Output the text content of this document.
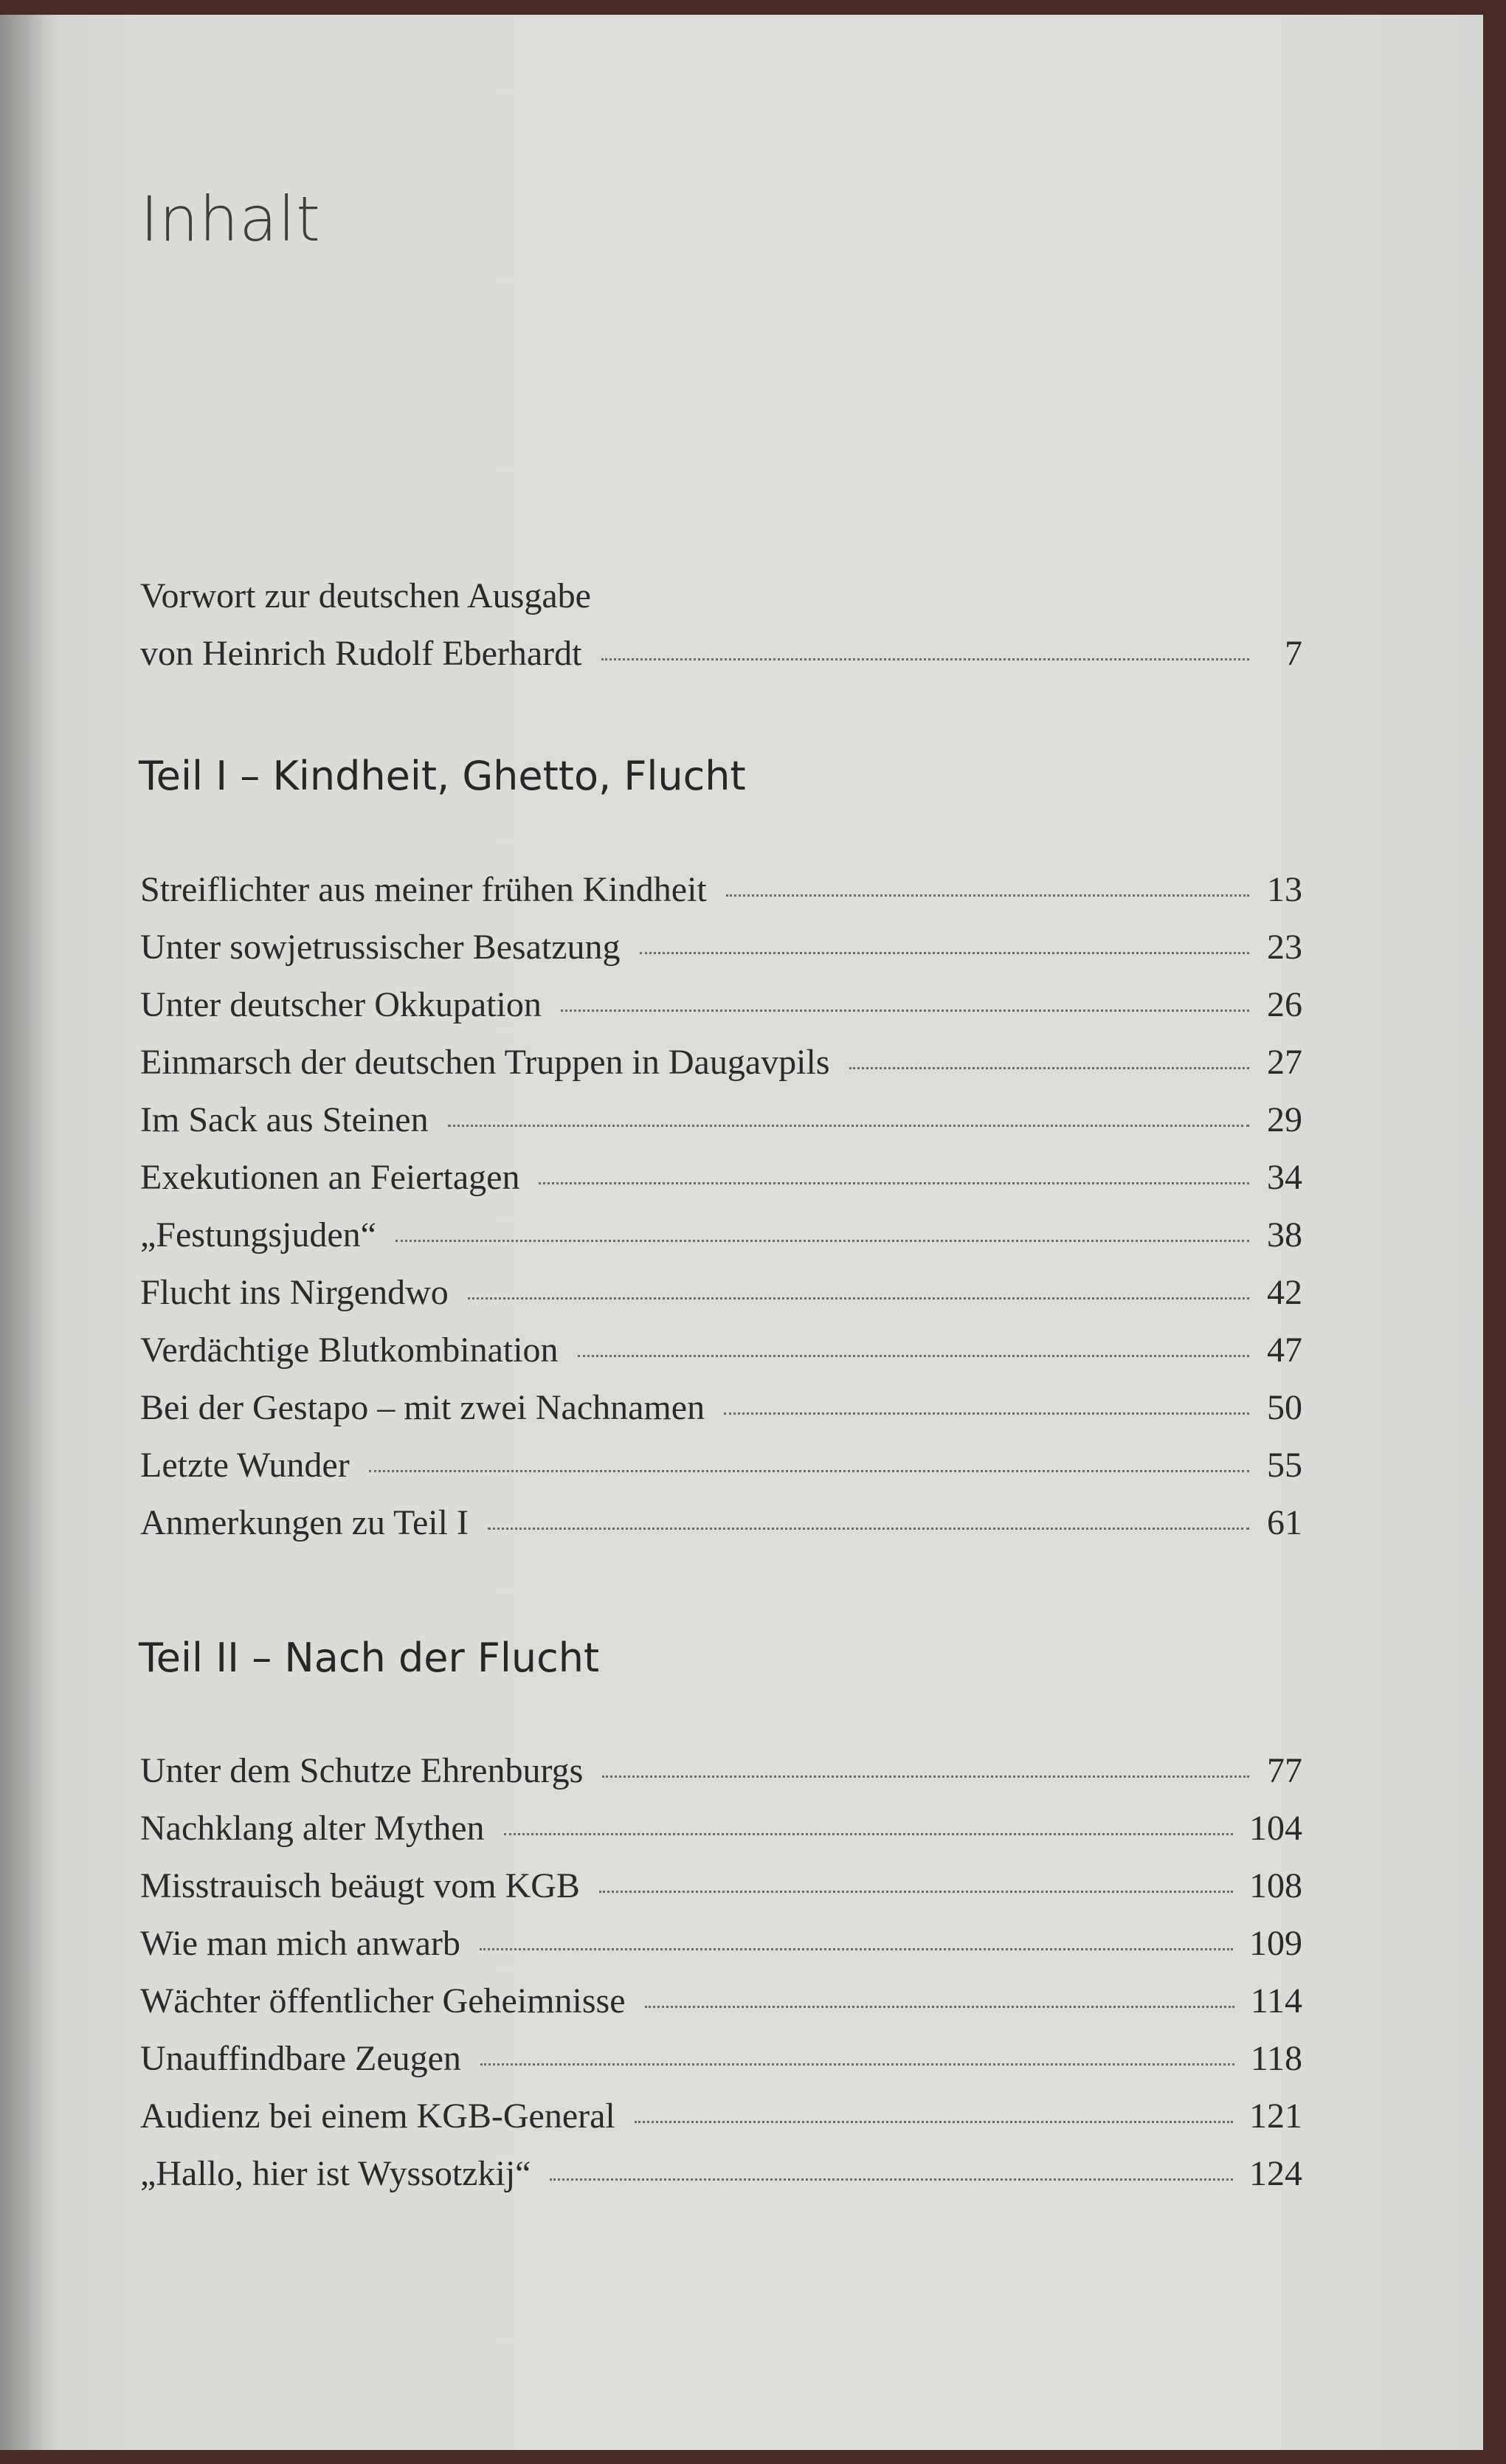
Inhalt
Vorwort zur deutschen Ausgabe
von Heinrich Rudolf Eberhardt	7
Teil I – Kindheit, Ghetto, Flucht
Streiflichter aus meiner frühen Kindheit	13
Unter sowjetrussischer Besatzung	23
Unter deutscher Okkupation	26
Einmarsch der deutschen Truppen in Daugavpils	27
Im Sack aus Steinen	29
Exekutionen an Feiertagen	34
„Festungsjuden“	38
Flucht ins Nirgendwo	42
Verdächtige Blutkombination	47
Bei der Gestapo – mit zwei Nachnamen	50
Letzte Wunder	55
Anmerkungen zu Teil I	61
Teil II – Nach der Flucht
Unter dem Schutze Ehrenburgs	77
Nachklang alter Mythen	104
Misstrauisch beäugt vom KGB	108
Wie man mich anwarb	109
Wächter öffentlicher Geheimnisse	114
Unauffindbare Zeugen	118
Audienz bei einem KGB-General	121
„Hallo, hier ist Wyssotzkij“	124
